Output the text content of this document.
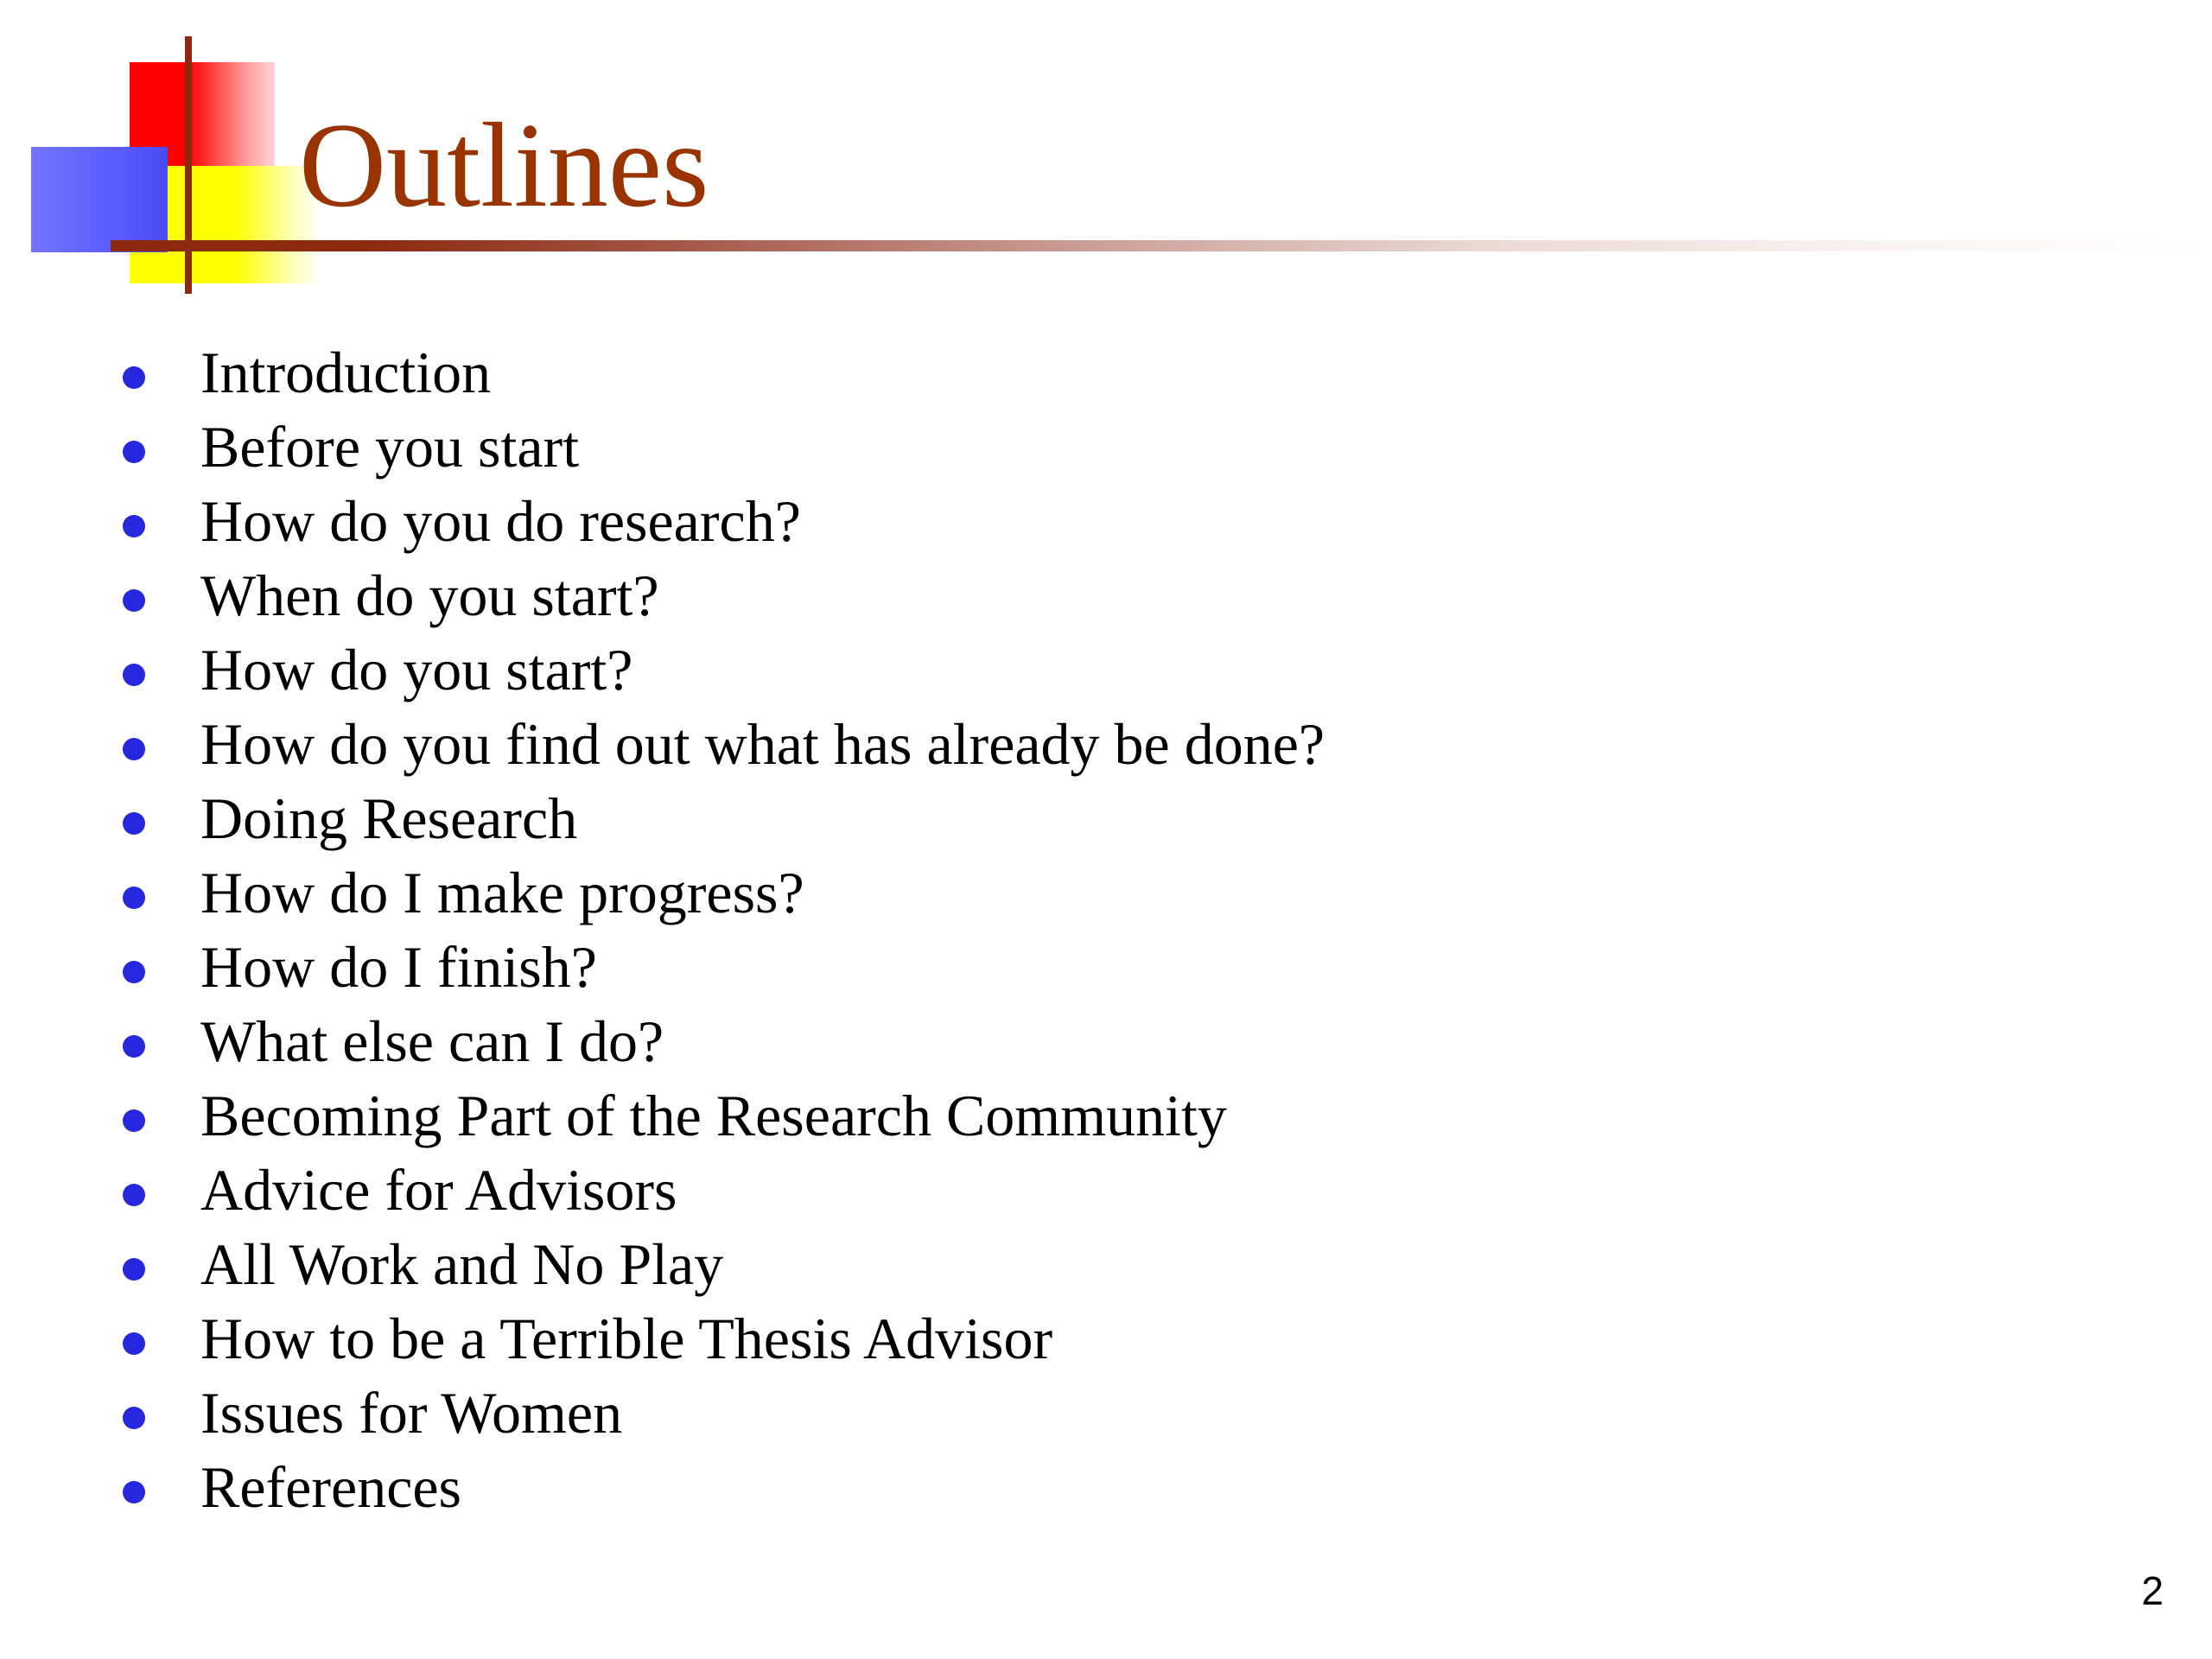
Outlines
Introduction
Before you start
How do you do research?
When do you start?
How do you start?
How do you find out what has already be done?
Doing Research
How do I make progress?
How do I finish?
What else can I do?
Becoming Part of the Research Community
Advice for Advisors
All Work and No Play
How to be a Terrible Thesis Advisor
Issues for Women
References
2
